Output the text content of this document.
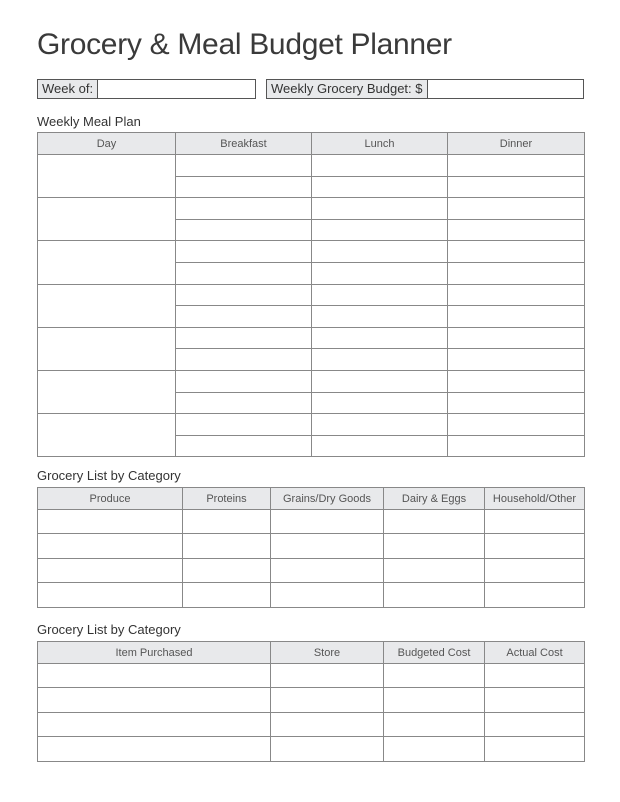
Grocery & Meal Budget Planner
Week of:	Weekly Grocery Budget: $
Weekly Meal Plan
Day	Breakfast	Lunch	Dinner

Grocery List by Category
Produce	Proteins	Grains/Dry Goods	Dairy & Eggs	Household/Other

Grocery List by Category
Item Purchased	Store	Budgeted Cost	Actual Cost
